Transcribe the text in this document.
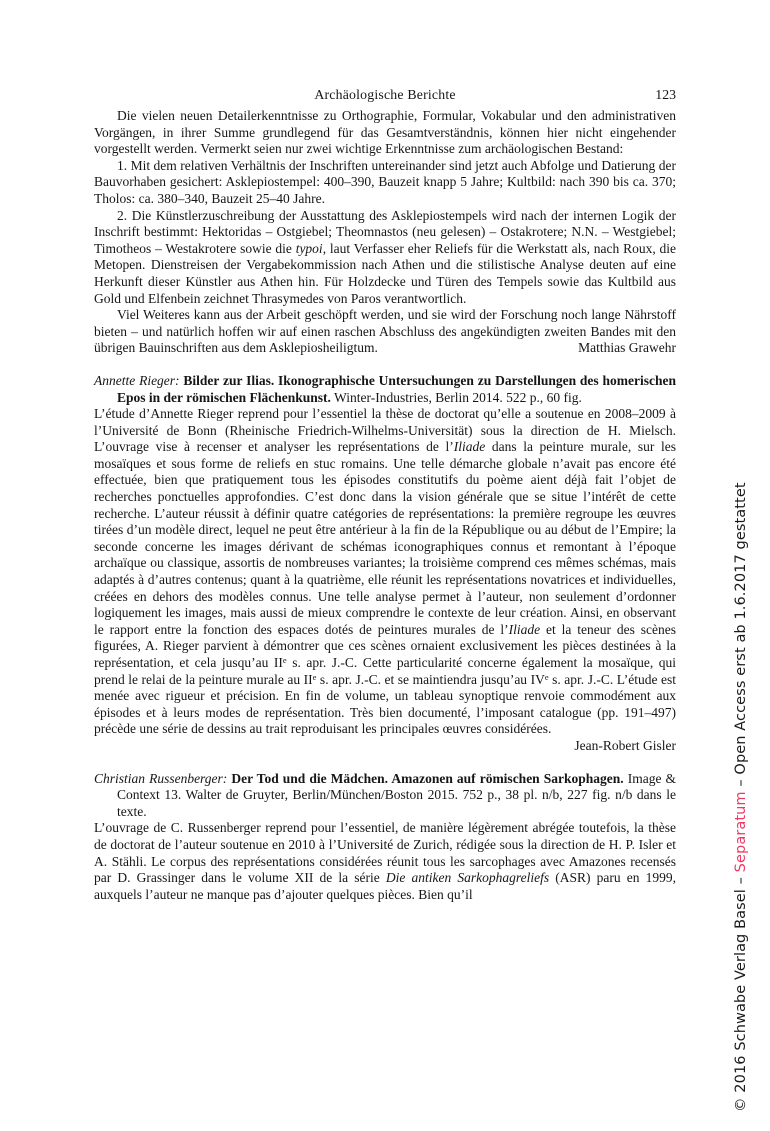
Archäologische Berichte	123

Die vielen neuen Detailerkenntnisse zu Orthographie, Formular, Vokabular und den administrativen Vorgängen, in ihrer Summe grundlegend für das Gesamtverständnis, können hier nicht eingehender vorgestellt werden. Vermerkt seien nur zwei wichtige Erkenntnisse zum archäologischen Bestand:

1. Mit dem relativen Verhältnis der Inschriften untereinander sind jetzt auch Abfolge und Datierung der Bauvorhaben gesichert: Asklepiostempel: 400–390, Bauzeit knapp 5 Jahre; Kultbild: nach 390 bis ca. 370; Tholos: ca. 380–340, Bauzeit 25–40 Jahre.

2. Die Künstlerzuschreibung der Ausstattung des Asklepiostempels wird nach der internen Logik der Inschrift bestimmt: Hektoridas – Ostgiebel; Theomnastos (neu gelesen) – Ostakrotere; N.N. – Westgiebel; Timotheos – Westakrotere sowie die typoi, laut Verfasser eher Reliefs für die Werkstatt als, nach Roux, die Metopen. Dienstreisen der Vergabekommission nach Athen und die stilistische Analyse deuten auf eine Herkunft dieser Künstler aus Athen hin. Für Holzdecke und Türen des Tempels sowie das Kultbild aus Gold und Elfenbein zeichnet Thrasymedes von Paros verantwortlich.

Viel Weiteres kann aus der Arbeit geschöpft werden, und sie wird der Forschung noch lange Nährstoff bieten – und natürlich hoffen wir auf einen raschen Abschluss des angekündigten zweiten Bandes mit den übrigen Bauinschriften aus dem Asklepiosheiligtum.	Matthias Grawehr

Annette Rieger: Bilder zur Ilias. Ikonographische Untersuchungen zu Darstellungen des homerischen Epos in der römischen Flächenkunst. Winter-Industries, Berlin 2014. 522 p., 60 fig.

L’étude d’Annette Rieger reprend pour l’essentiel la thèse de doctorat qu’elle a soutenue en 2008–2009 à l’Université de Bonn (Rheinische Friedrich-Wilhelms-Universität) sous la direction de H. Mielsch. L’ouvrage vise à recenser et analyser les représentations de l’Iliade dans la peinture murale, sur les mosaïques et sous forme de reliefs en stuc romains. Une telle démarche globale n’avait pas encore été effectuée, bien que pratiquement tous les épisodes constitutifs du poème aient déjà fait l’objet de recherches ponctuelles approfondies. C’est donc dans la vision générale que se situe l’intérêt de cette recherche. L’auteur réussit à définir quatre catégories de représentations: la première regroupe les œuvres tirées d’un modèle direct, lequel ne peut être antérieur à la fin de la République ou au début de l’Empire; la seconde concerne les images dérivant de schémas iconographiques connus et remontant à l’époque archaïque ou classique, assortis de nombreuses variantes; la troisième comprend ces mêmes schémas, mais adaptés à d’autres contenus; quant à la quatrième, elle réunit les représentations novatrices et individuelles, créées en dehors des modèles connus. Une telle analyse permet à l’auteur, non seulement d’ordonner logiquement les images, mais aussi de mieux comprendre le contexte de leur création. Ainsi, en observant le rapport entre la fonction des espaces dotés de peintures murales de l’Iliade et la teneur des scènes figurées, A. Rieger parvient à démontrer que ces scènes ornaient exclusivement les pièces destinées à la représentation, et cela jusqu’au IIe s. apr. J.-C. Cette particularité concerne également la mosaïque, qui prend le relai de la peinture murale au IIe s. apr. J.-C. et se maintiendra jusqu’au IVe s. apr. J.-C. L’étude est menée avec rigueur et précision. En fin de volume, un tableau synoptique renvoie commodément aux épisodes et à leurs modes de représentation. Très bien documenté, l’imposant catalogue (pp. 191–497) précède une série de dessins au trait reproduisant les principales œuvres considérées.

Jean-Robert Gisler

Christian Russenberger: Der Tod und die Mädchen. Amazonen auf römischen Sarkophagen. Image & Context 13. Walter de Gruyter, Berlin/München/Boston 2015. 752 p., 38 pl. n/b, 227 fig. n/b dans le texte.

L’ouvrage de C. Russenberger reprend pour l’essentiel, de manière légèrement abrégée toutefois, la thèse de doctorat de l’auteur soutenue en 2010 à l’Université de Zurich, rédigée sous la direction de H. P. Isler et A. Stähli. Le corpus des représentations considérées réunit tous les sarcophages avec Amazones recensés par D. Grassinger dans le volume XII de la série Die antiken Sarkophagreliefs (ASR) paru en 1999, auxquels l’auteur ne manque pas d’ajouter quelques pièces. Bien qu’il	© 2016 Schwabe Verlag Basel – Separatum – Open Access erst ab 1.6.2017 gestattet
